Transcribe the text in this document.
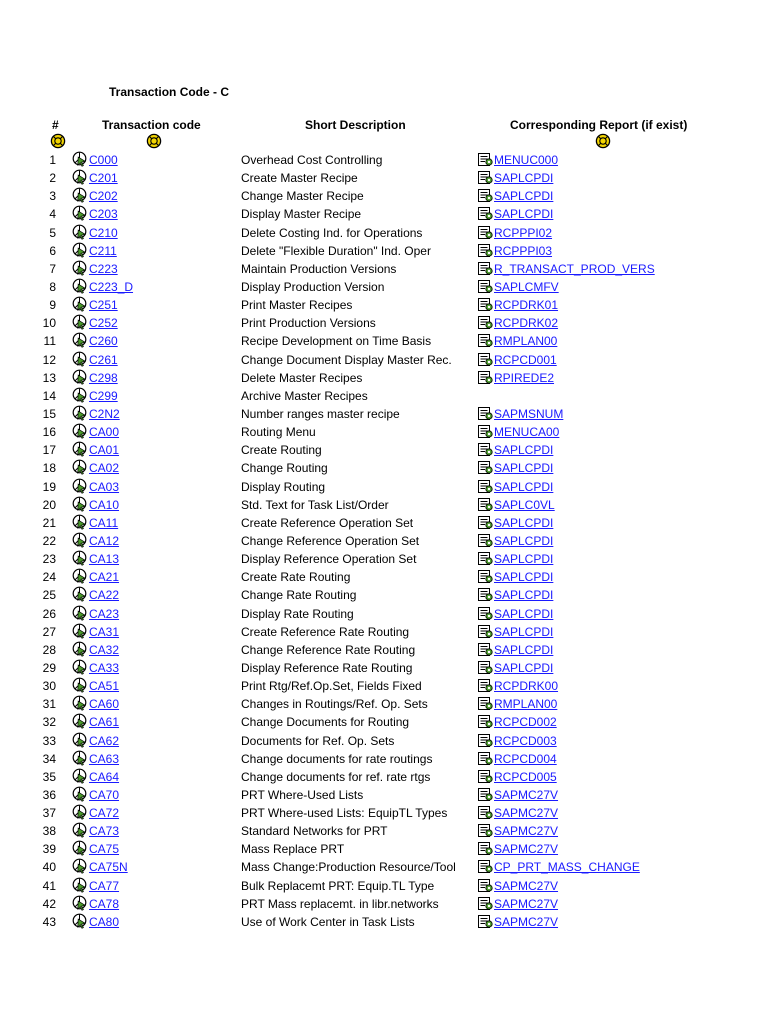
Transaction Code - C
#	Transaction code	Short Description	Corresponding Report (if exist)
1	C000	Overhead Cost Controlling	MENUC000
2	C201	Create Master Recipe	SAPLCPDI
3	C202	Change Master Recipe	SAPLCPDI
4	C203	Display Master Recipe	SAPLCPDI
5	C210	Delete Costing Ind. for Operations	RCPPPI02
6	C211	Delete "Flexible Duration" Ind. Oper	RCPPPI03
7	C223	Maintain Production Versions	R_TRANSACT_PROD_VERS
8	C223_D	Display Production Version	SAPLCMFV
9	C251	Print Master Recipes	RCPDRK01
10	C252	Print Production Versions	RCPDRK02
11	C260	Recipe Development on Time Basis	RMPLAN00
12	C261	Change Document Display Master Rec.	RCPCD001
13	C298	Delete Master Recipes	RPIREDE2
14	C299	Archive Master Recipes
15	C2N2	Number ranges master recipe	SAPMSNUM
16	CA00	Routing Menu	MENUCA00
17	CA01	Create Routing	SAPLCPDI
18	CA02	Change Routing	SAPLCPDI
19	CA03	Display Routing	SAPLCPDI
20	CA10	Std. Text for Task List/Order	SAPLC0VL
21	CA11	Create Reference Operation Set	SAPLCPDI
22	CA12	Change Reference Operation Set	SAPLCPDI
23	CA13	Display Reference Operation Set	SAPLCPDI
24	CA21	Create Rate Routing	SAPLCPDI
25	CA22	Change Rate Routing	SAPLCPDI
26	CA23	Display Rate Routing	SAPLCPDI
27	CA31	Create Reference Rate Routing	SAPLCPDI
28	CA32	Change Reference Rate Routing	SAPLCPDI
29	CA33	Display Reference Rate Routing	SAPLCPDI
30	CA51	Print Rtg/Ref.Op.Set, Fields Fixed	RCPDRK00
31	CA60	Changes in Routings/Ref. Op. Sets	RMPLAN00
32	CA61	Change Documents for Routing	RCPCD002
33	CA62	Documents for Ref. Op. Sets	RCPCD003
34	CA63	Change documents for rate routings	RCPCD004
35	CA64	Change documents for ref. rate rtgs	RCPCD005
36	CA70	PRT Where-Used Lists	SAPMC27V
37	CA72	PRT Where-used Lists: EquipTL Types	SAPMC27V
38	CA73	Standard Networks for PRT	SAPMC27V
39	CA75	Mass Replace PRT	SAPMC27V
40	CA75N	Mass Change:Production Resource/Tool	CP_PRT_MASS_CHANGE
41	CA77	Bulk Replacemt PRT: Equip.TL Type	SAPMC27V
42	CA78	PRT Mass replacemt. in libr.networks	SAPMC27V
43	CA80	Use of Work Center in Task Lists	SAPMC27V
